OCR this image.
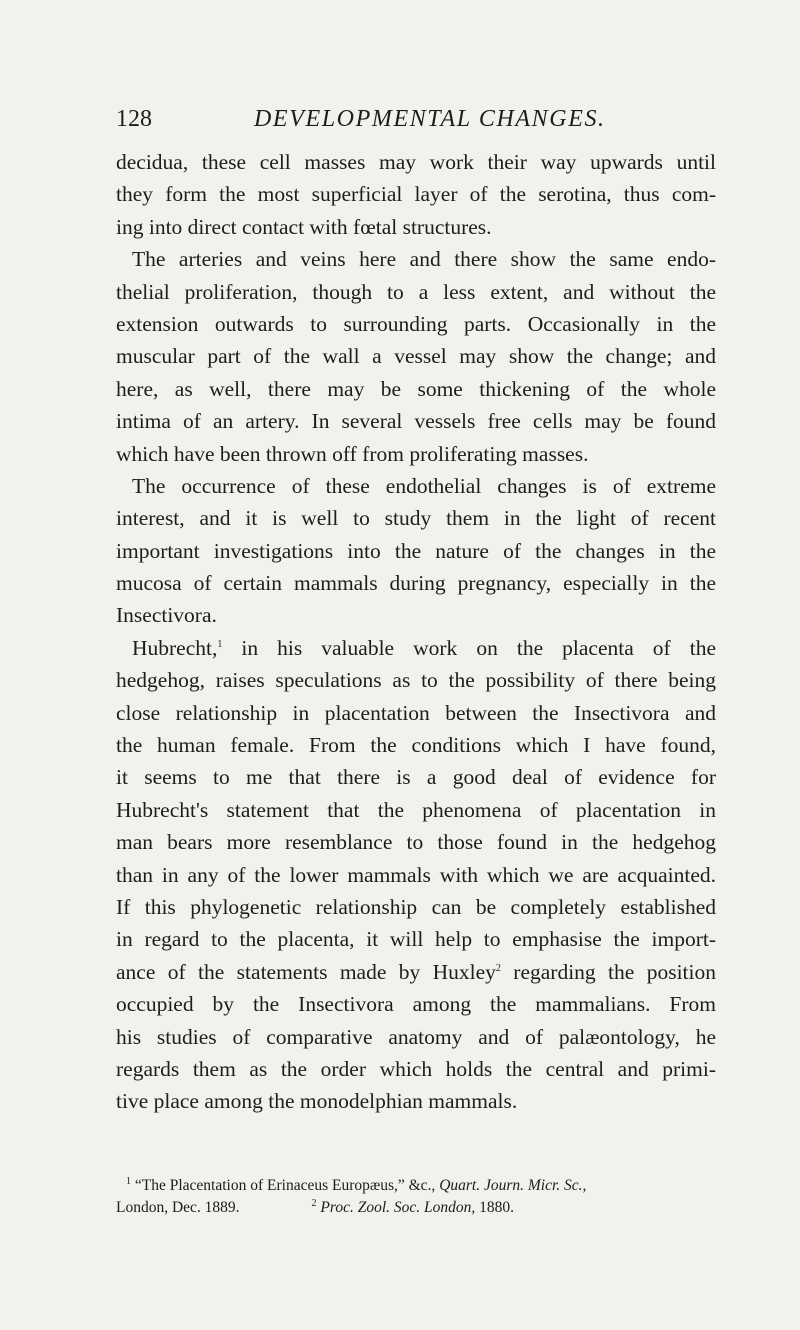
128	DEVELOPMENTAL CHANGES.
decidua, these cell masses may work their way upwards until
they form the most superficial layer of the serotina, thus com-
ing into direct contact with fœtal structures.
The arteries and veins here and there show the same endo-
thelial proliferation, though to a less extent, and without the
extension outwards to surrounding parts. Occasionally in the
muscular part of the wall a vessel may show the change; and
here, as well, there may be some thickening of the whole
intima of an artery. In several vessels free cells may be found
which have been thrown off from proliferating masses.
The occurrence of these endothelial changes is of extreme
interest, and it is well to study them in the light of recent
important investigations into the nature of the changes in the
mucosa of certain mammals during pregnancy, especially in the
Insectivora.
Hubrecht,$^1$ in his valuable work on the placenta of the
hedgehog, raises speculations as to the possibility of there being
close relationship in placentation between the Insectivora and
the human female. From the conditions which I have found,
it seems to me that there is a good deal of evidence for
Hubrecht's statement that the phenomena of placentation in
man bears more resemblance to those found in the hedgehog
than in any of the lower mammals with which we are acquainted.
If this phylogenetic relationship can be completely established
in regard to the placenta, it will help to emphasise the import-
ance of the statements made by Huxley$^2$ regarding the position
occupied by the Insectivora among the mammalians. From
his studies of comparative anatomy and of palæontology, he
regards them as the order which holds the central and primi-
tive place among the monodelphian mammals.
$^1$ “The Placentation of Erinaceus Europæus,” &c., Quart. Journ. Micr. Sc.,
London, Dec. 1889.	$^2$ Proc. Zool. Soc. London, 1880.
